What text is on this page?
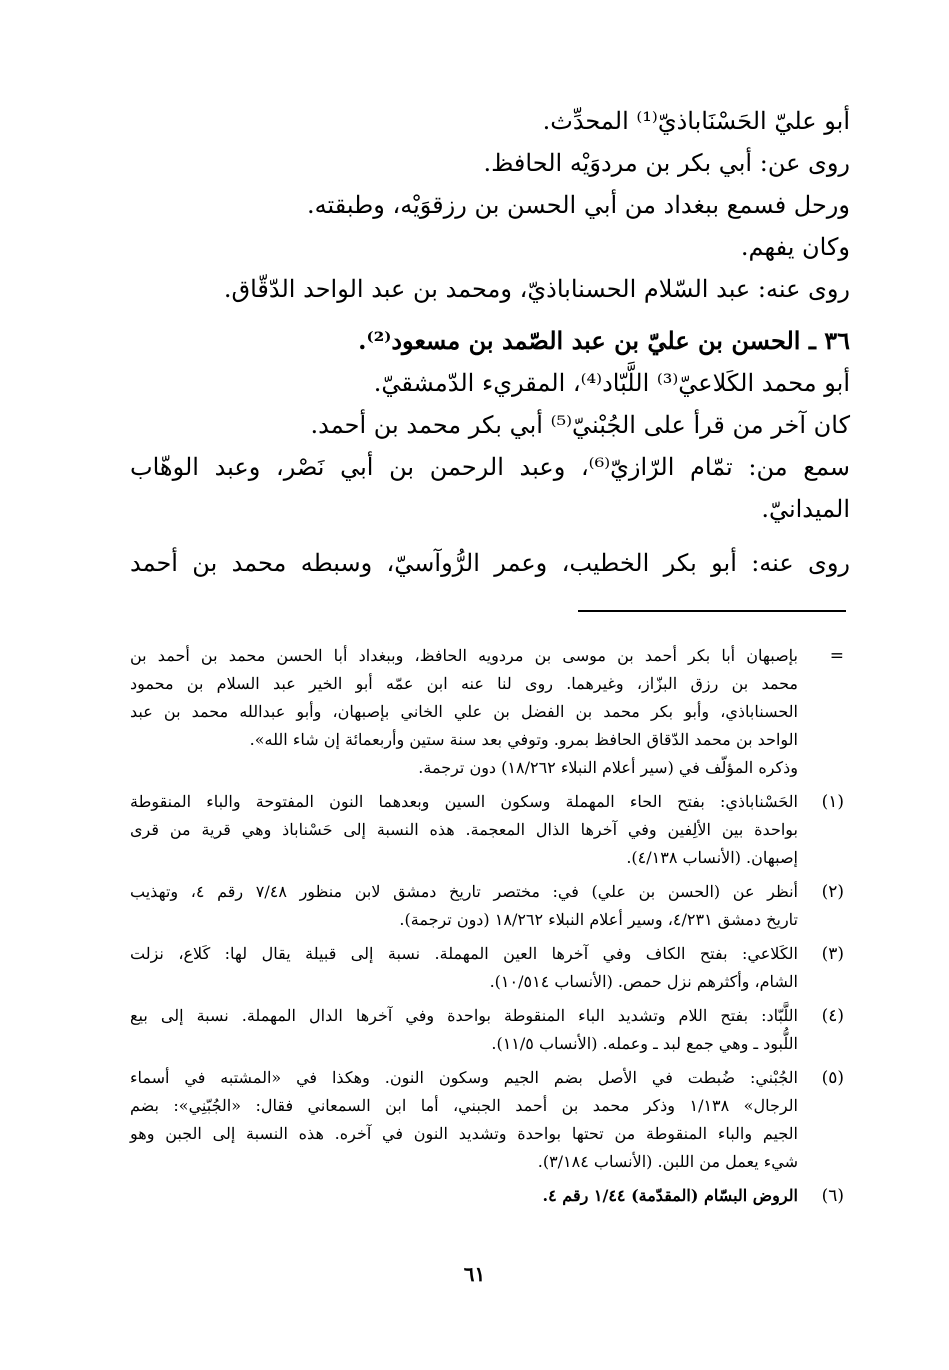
أبو عليّ الحَسْنَاباذيّ⁽¹⁾ المحدِّث.
روى عن: أبي بكر بن مردوَيْه الحافظ.
ورحل فسمع ببغداد من أبي الحسن بن رزقوَيْه، وطبقته.
وكان يفهم.
روى عنه: عبد السّلام الحسناباذيّ، ومحمد بن عبد الواحد الدّقّاق.
٣٦ ـ الحسن بن عليّ بن عبد الصّمد بن مسعود⁽²⁾.
أبو محمد الكَلاعيّ⁽³⁾ اللَّبّاد⁽⁴⁾، المقريء الدّمشقيّ.
كان آخر من قرأ على الجُبْنيّ⁽⁵⁾ أبي بكر محمد بن أحمد.
سمع من: تمّام الرّازيّ⁽⁶⁾، وعبد الرحمن بن أبي نَصْر، وعبد الوهّاب
الميدانيّ.
روى عنه: أبو بكر الخطيب، وعمر الرُّوآسيّ، وسبطه محمد بن أحمد
=
بإصبهان أبا بكر أحمد بن موسى بن مردويه الحافظ، وببغداد أبا الحسن محمد بن أحمد بن
محمد بن رزق البزّاز، وغيرهما. روى لنا عنه ابن عمّه أبو الخير عبد السلام بن محمود
الحسناباذي، وأبو بكر محمد بن الفضل بن علي الخاني بإصبهان، وأبو عبدالله محمد بن عبد
الواحد بن محمد الدّقاق الحافظ بمرو. وتوفي بعد سنة ستين وأربعمائة إن شاء الله».
وذكره المؤلّف في (سير أعلام النبلاء ١٨/٢٦٢) دون ترجمة.
(١)
الحَسْناباذي: بفتح الحاء المهملة وسكون السين وبعدهما النون المفتوحة والباء المنقوطة
بواحدة بين الألِفين وفي آخرها الذال المعجمة. هذه النسبة إلى حَسْناباذ وهي قرية من قرى
إصبهان. (الأنساب ٤/١٣٨).
(٢)
أنظر عن (الحسن بن علي) في: مختصر تاريخ دمشق لابن منظور ٧/٤٨ رقم ٤، وتهذيب
تاريخ دمشق ٤/٢٣١، وسير أعلام النبلاء ١٨/٢٦٢ (دون ترجمة).
(٣)
الكَلاعي: بفتح الكاف وفي آخرها العين المهملة. نسبة إلى قبيلة يقال لها: كَلاع، نزلت
الشام، وأكثرهم نزل حمص. (الأنساب ١٠/٥١٤).
(٤)
اللَّبّاد: بفتح اللام وتشديد الباء المنقوطة بواحدة وفي آخرها الدال المهملة. نسبة إلى بيع
اللُّبود ـ وهي جمع لبد ـ وعمله. (الأنساب ١١/٥).
(٥)
الجُبْني: ضُبطت في الأصل بضم الجيم وسكون النون. وهكذا في «المشتبه في أسماء
الرجال» ١/١٣٨ وذكر محمد بن أحمد الجبني، أما ابن السمعاني فقال: «الجُبّنِي»: بضم
الجيم والباء المنقوطة من تحتها بواحدة وتشديد النون في آخره. هذه النسبة إلى الجبن وهو
شيء يعمل من اللبن. (الأنساب ٣/١٨٤).
(٦)
الروض البسّام (المقدّمة) ١/٤٤ رقم ٤.
٦١
